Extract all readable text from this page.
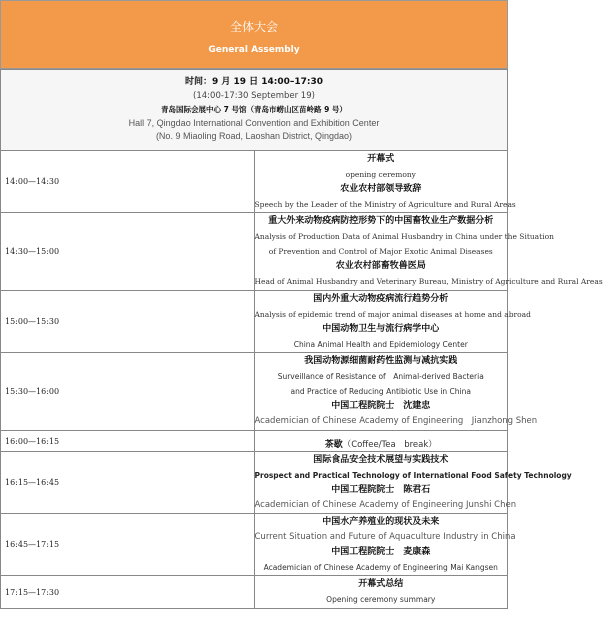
全体大会
General Assembly
时间：9 月 19 日 14:00–17:30
(14:00-17:30 September 19)
青岛国际会展中心 7 号馆（青岛市崂山区苗岭路 9 号）
Hall 7, Qingdao International Convention and Exhibition Center
(No. 9 Miaoling Road, Laoshan District, Qingdao)	

14:00—14:30	开幕式
opening ceremony
农业农村部领导致辞
Speech by the Leader of the Ministry of Agriculture and Rural Areas

14:30—15:00	重大外来动物疫病防控形势下的中国畜牧业生产数据分析
Analysis of Production Data of Animal Husbandry in China under the Situation
of Prevention and Control of Major Exotic Animal Diseases
农业农村部畜牧兽医局
Head of Animal Husbandry and Veterinary Bureau, Ministry of Agriculture and Rural Areas

15:00—15:30	国内外重大动物疫病流行趋势分析
Analysis of epidemic trend of major animal diseases at home and abroad
中国动物卫生与流行病学中心
China Animal Health and Epidemiology Center

15:30—16:00	我国动物源细菌耐药性监测与减抗实践
Surveillance of Resistance of　Animal-derived Bacteria
and Practice of Reducing Antibiotic Use in China
中国工程院院士　沈建忠
Academician of Chinese Academy of Engineering　Jianzhong Shen

16:00—16:15	茶歇（Coffee/Tea　break）
16:15—16:45	国际食品安全技术展望与实践技术
Prospect and Practical Technology of International Food Safety Technology
中国工程院院士　陈君石
Academician of Chinese Academy of Engineering Junshi Chen

16:45—17:15	中国水产养殖业的现状及未来
Current Situation and Future of Aquaculture Industry in China
中国工程院院士　麦康森
Academician of Chinese Academy of Engineering Mai Kangsen

17:15—17:30	开幕式总结
Opening ceremony summary
